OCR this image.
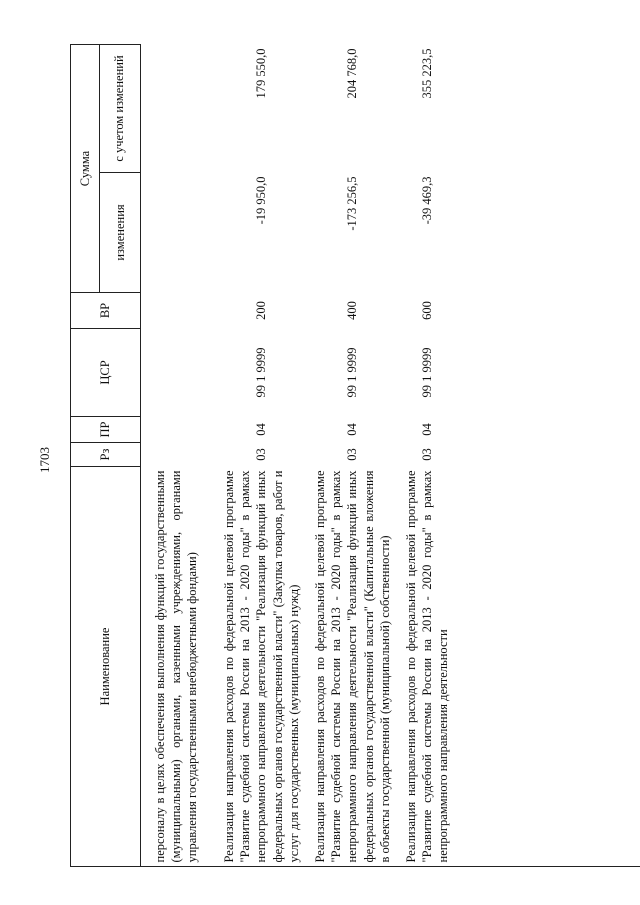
1703
Наименование	Рз	ПР	ЦСР	ВР	Сумма	
					изменения	с учетом изменений
персоналу в целях обеспечения выполнения функций государственными (муниципальными) органами, казенными учреждениями, органами управления государственными внебюджетными фондами)						

Реализация направления расходов по федеральной целевой программе "Развитие судебной системы России на 2013 - 2020 годы" в рамках непрограммного направления деятельности "Реализация функций иных федеральных органов государственной власти" (Закупка товаров, работ и услуг для государственных (муниципальных) нужд)	03	04	99 1 9999	200	-19 950,0	179 550,0

Реализация направления расходов по федеральной целевой программе "Развитие судебной системы России на 2013 - 2020 годы" в рамках непрограммного направления деятельности "Реализация функций иных федеральных органов государственной власти" (Капитальные вложения в объекты государственной (муниципальной) собственности)	03	04	99 1 9999	400	-173 256,5	204 768,0

Реализация направления расходов по федеральной целевой программе "Развитие судебной системы России на 2013 - 2020 годы" в рамках непрограммного направления деятельности	03	04	99 1 9999	600	-39 469,3	355 223,5
